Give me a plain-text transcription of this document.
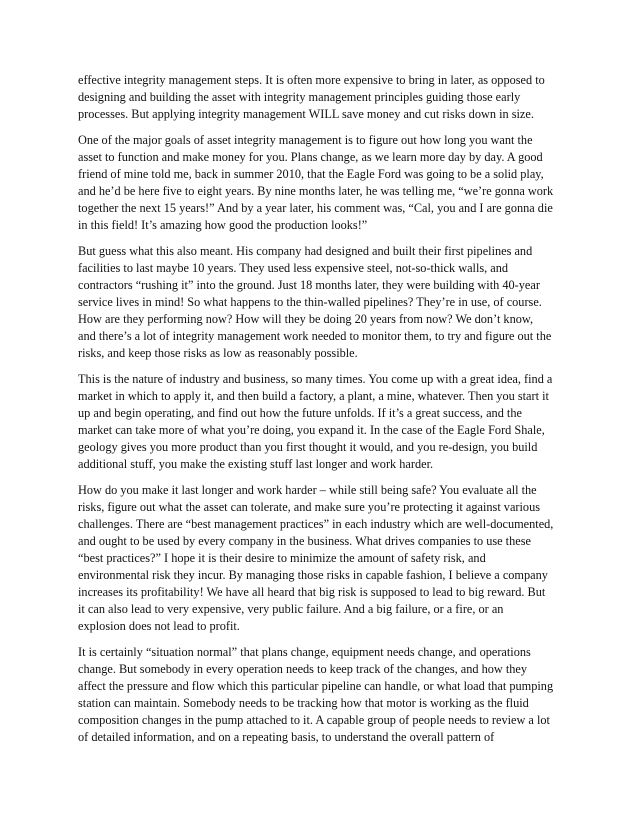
effective integrity management steps. It is often more expensive to bring in later, as opposed to
designing and building the asset with integrity management principles guiding those early
processes. But applying integrity management WILL save money and cut risks down in size.

One of the major goals of asset integrity management is to figure out how long you want the
asset to function and make money for you. Plans change, as we learn more day by day. A good
friend of mine told me, back in summer 2010, that the Eagle Ford was going to be a solid play,
and he’d be here five to eight years. By nine months later, he was telling me, “we’re gonna work
together the next 15 years!” And by a year later, his comment was, “Cal, you and I are gonna die
in this field! It’s amazing how good the production looks!”

But guess what this also meant. His company had designed and built their first pipelines and
facilities to last maybe 10 years. They used less expensive steel, not-so-thick walls, and
contractors “rushing it” into the ground. Just 18 months later, they were building with 40-year
service lives in mind! So what happens to the thin-walled pipelines? They’re in use, of course.
How are they performing now? How will they be doing 20 years from now? We don’t know,
and there’s a lot of integrity management work needed to monitor them, to try and figure out the
risks, and keep those risks as low as reasonably possible.

This is the nature of industry and business, so many times. You come up with a great idea, find a
market in which to apply it, and then build a factory, a plant, a mine, whatever. Then you start it
up and begin operating, and find out how the future unfolds. If it’s a great success, and the
market can take more of what you’re doing, you expand it. In the case of the Eagle Ford Shale,
geology gives you more product than you first thought it would, and you re-design, you build
additional stuff, you make the existing stuff last longer and work harder.

How do you make it last longer and work harder – while still being safe? You evaluate all the
risks, figure out what the asset can tolerate, and make sure you’re protecting it against various
challenges. There are “best management practices” in each industry which are well-documented,
and ought to be used by every company in the business. What drives companies to use these
“best practices?” I hope it is their desire to minimize the amount of safety risk, and
environmental risk they incur. By managing those risks in capable fashion, I believe a company
increases its profitability! We have all heard that big risk is supposed to lead to big reward. But
it can also lead to very expensive, very public failure. And a big failure, or a fire, or an
explosion does not lead to profit.

It is certainly “situation normal” that plans change, equipment needs change, and operations
change. But somebody in every operation needs to keep track of the changes, and how they
affect the pressure and flow which this particular pipeline can handle, or what load that pumping
station can maintain. Somebody needs to be tracking how that motor is working as the fluid
composition changes in the pump attached to it. A capable group of people needs to review a lot
of detailed information, and on a repeating basis, to understand the overall pattern of
